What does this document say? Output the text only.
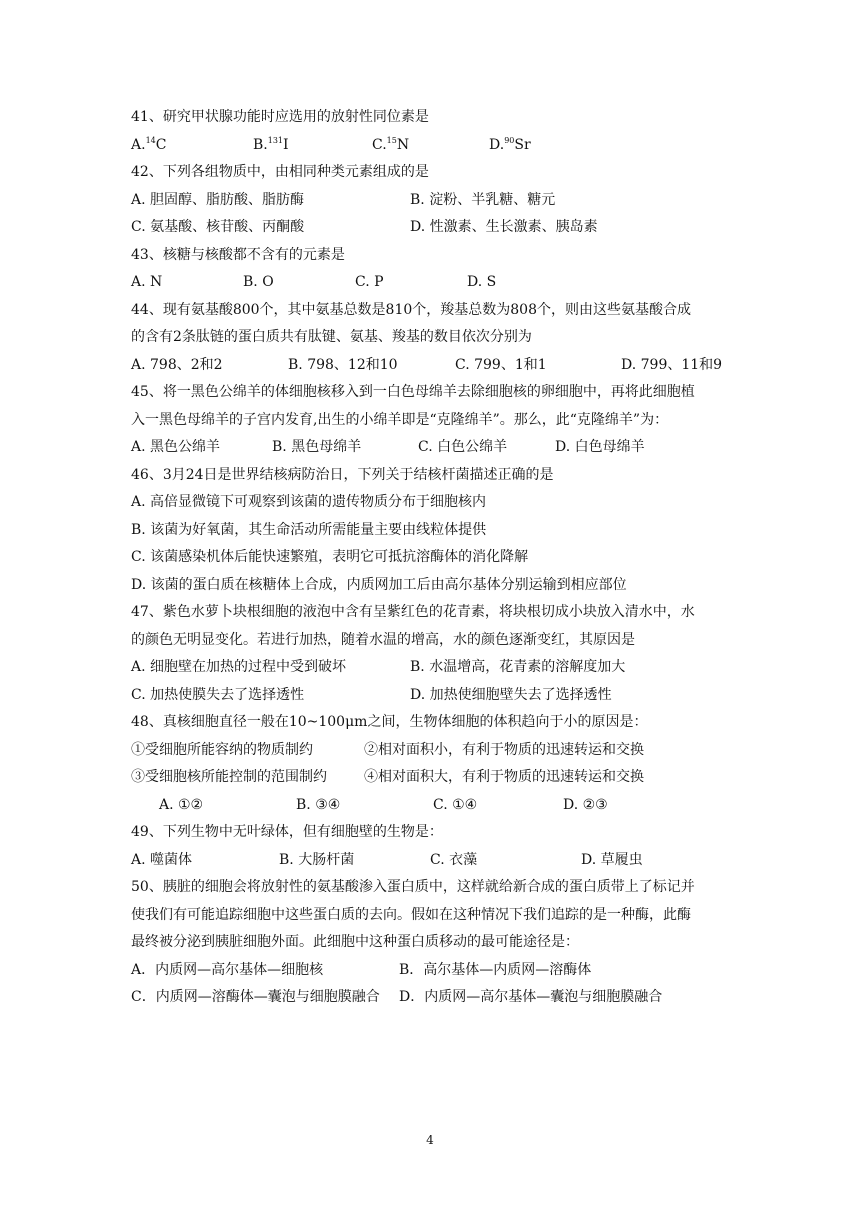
41、研究甲状腺功能时应选用的放射性同位素是
A.$^{14}$C	B.$^{131}$I	C.$^{15}$N	D.$^{90}$Sr
42、下列各组物质中，由相同种类元素组成的是
A. 胆固醇、脂肪酸、脂肪酶	B. 淀粉、半乳糖、糖元
C. 氨基酸、核苷酸、丙酮酸	D. 性激素、生长激素、胰岛素
43、核糖与核酸都不含有的元素是
A. N	B. O	C. P	D. S
44、现有氨基酸800个，其中氨基总数是810个，羧基总数为808个，则由这些氨基酸合成
的含有2条肽链的蛋白质共有肽键、氨基、羧基的数目依次分别为
A. 798、2和2	B. 798、12和10	C. 799、1和1	D. 799、11和9
45、将一黑色公绵羊的体细胞核移入到一白色母绵羊去除细胞核的卵细胞中，再将此细胞植
入一黑色母绵羊的子宫内发育,出生的小绵羊即是“克隆绵羊”。那么，此“克隆绵羊”为：
A. 黑色公绵羊	B. 黑色母绵羊	C. 白色公绵羊	D. 白色母绵羊
46、3月24日是世界结核病防治日，下列关于结核杆菌描述正确的是
A. 高倍显微镜下可观察到该菌的遗传物质分布于细胞核内
B. 该菌为好氧菌，其生命活动所需能量主要由线粒体提供
C. 该菌感染机体后能快速繁殖，表明它可抵抗溶酶体的消化降解
D. 该菌的蛋白质在核糖体上合成，内质网加工后由高尔基体分别运输到相应部位
47、紫色水萝卜块根细胞的液泡中含有呈紫红色的花青素，将块根切成小块放入清水中，水
的颜色无明显变化。若进行加热，随着水温的增高，水的颜色逐渐变红，其原因是
A. 细胞壁在加热的过程中受到破坏	B. 水温增高，花青素的溶解度加大
C. 加热使膜失去了选择透性	D. 加热使细胞壁失去了选择透性
48、真核细胞直径一般在10~100μm之间，生物体细胞的体积趋向于小的原因是：
①受细胞所能容纳的物质制约	②相对面积小，有利于物质的迅速转运和交换
③受细胞核所能控制的范围制约	④相对面积大，有利于物质的迅速转运和交换
A. ①②	B. ③④	C. ①④	D. ②③
49、下列生物中无叶绿体，但有细胞壁的生物是：
A. 噬菌体	B. 大肠杆菌	C. 衣藻	D. 草履虫
50、胰脏的细胞会将放射性的氨基酸渗入蛋白质中，这样就给新合成的蛋白质带上了标记并
使我们有可能追踪细胞中这些蛋白质的去向。假如在这种情况下我们追踪的是一种酶，此酶
最终被分泌到胰脏细胞外面。此细胞中这种蛋白质移动的最可能途径是：
A．内质网—高尔基体—细胞核	B．高尔基体—内质网—溶酶体
C．内质网—溶酶体—囊泡与细胞膜融合	D．内质网—高尔基体—囊泡与细胞膜融合
4
